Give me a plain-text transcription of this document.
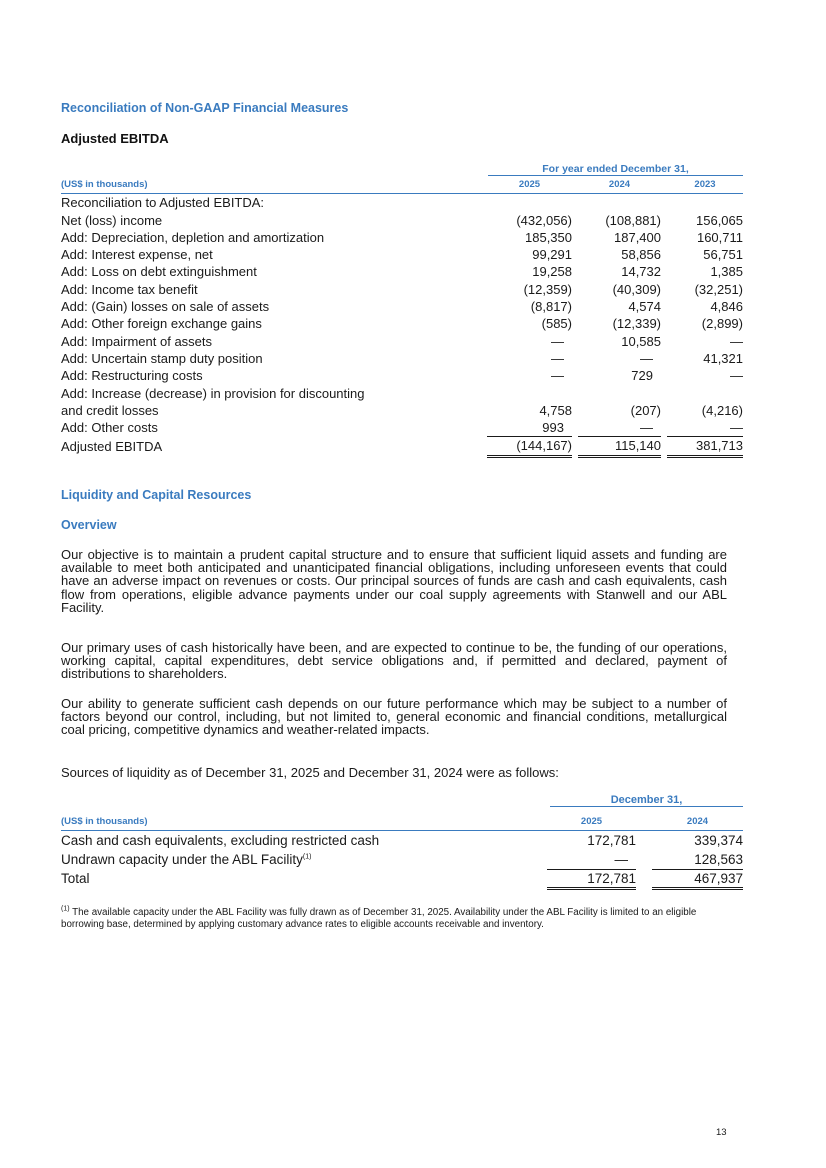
Reconciliation of Non-GAAP Financial Measures
Adjusted EBITDA
For year ended December 31,
(US$ in thousands)	2025		2024		2023
Reconciliation to Adjusted EBITDA:					
Net (loss) income	(432,056)		(108,881)		156,065
Add: Depreciation, depletion and amortization	185,350		187,400		160,711
Add: Interest expense, net	99,291		58,856		56,751
Add: Loss on debt extinguishment	19,258		14,732		1,385
Add: Income tax benefit	(12,359)		(40,309)		(32,251)
Add: (Gain) losses on sale of assets	(8,817)		4,574		4,846
Add: Other foreign exchange gains	(585)		(12,339)		(2,899)
Add: Impairment of assets	—		10,585		—
Add: Uncertain stamp duty position	—		—		41,321
Add: Restructuring costs	—		729		—
Add: Increase (decrease) in provision for discounting					
and credit losses	4,758		(207)		(4,216)
Add: Other costs	993		—		—
Adjusted EBITDA	(144,167)		115,140		381,713
Liquidity and Capital Resources
Overview

Our objective is to maintain a prudent capital structure and to ensure that sufficient liquid assets and funding are available to meet both anticipated and unanticipated financial obligations, including unforeseen events that could have an adverse impact on revenues or costs. Our principal sources of funds are cash and cash equivalents, cash flow from operations, eligible advance payments under our coal supply agreements with Stanwell and our ABL Facility.

Our primary uses of cash historically have been, and are expected to continue to be, the funding of our operations, working capital, capital expenditures, debt service obligations and, if permitted and declared, payment of distributions to shareholders.

Our ability to generate sufficient cash depends on our future performance which may be subject to a number of factors beyond our control, including, but not limited to, general economic and financial conditions, metallurgical coal pricing, competitive dynamics and weather-related impacts.

Sources of liquidity as of December 31, 2025 and December 31, 2024 were as follows:

December 31,
(US$ in thousands)		2025		2024
Cash and cash equivalents, excluding restricted cash		172,781		339,374
Undrawn capacity under the ABL Facility$^{(1)}$		—		128,563
Total		172,781		467,937
$^{(1)}$ The available capacity under the ABL Facility was fully drawn as of December 31, 2025. Availability under the ABL Facility is limited to an eligible borrowing base, determined by applying customary advance rates to eligible accounts receivable and inventory.
13
